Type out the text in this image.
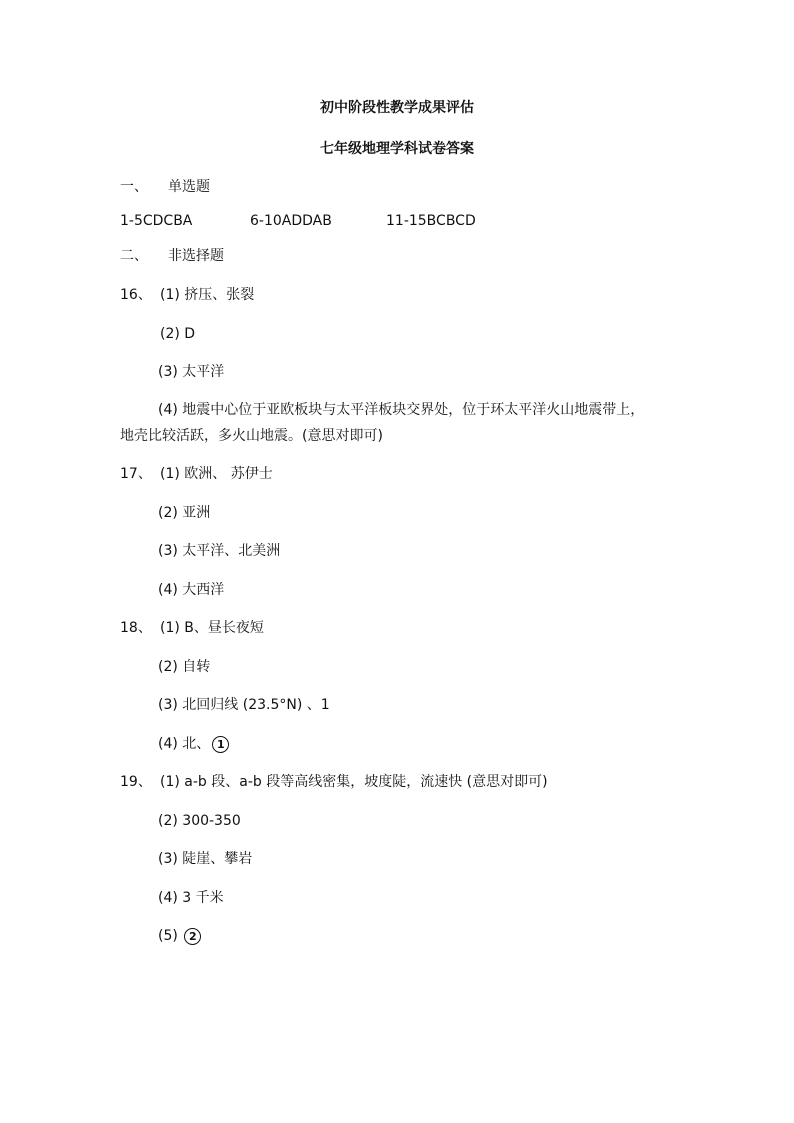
初中阶段性教学成果评估
七年级地理学科试卷答案
一、 单选题
1-5CDCBA	6-10ADDAB	11-15BCBCD
二、 非选择题
16、 (1) 挤压、张裂
(2) D
(3) 太平洋
(4) 地震中心位于亚欧板块与太平洋板块交界处，位于环太平洋火山地震带上，
地壳比较活跃，多火山地震。(意思对即可)
17、 (1) 欧洲、 苏伊士
(2) 亚洲
(3) 太平洋、北美洲
(4) 大西洋
18、 (1) B、昼长夜短
(2) 自转
(3) 北回归线 (23.5°N) 、1
(4) 北、 1
19、 (1) a-b 段、a-b 段等高线密集，坡度陡，流速快 (意思对即可)
(2) 300-350
(3) 陡崖、攀岩
(4) 3 千米
(5) 2
